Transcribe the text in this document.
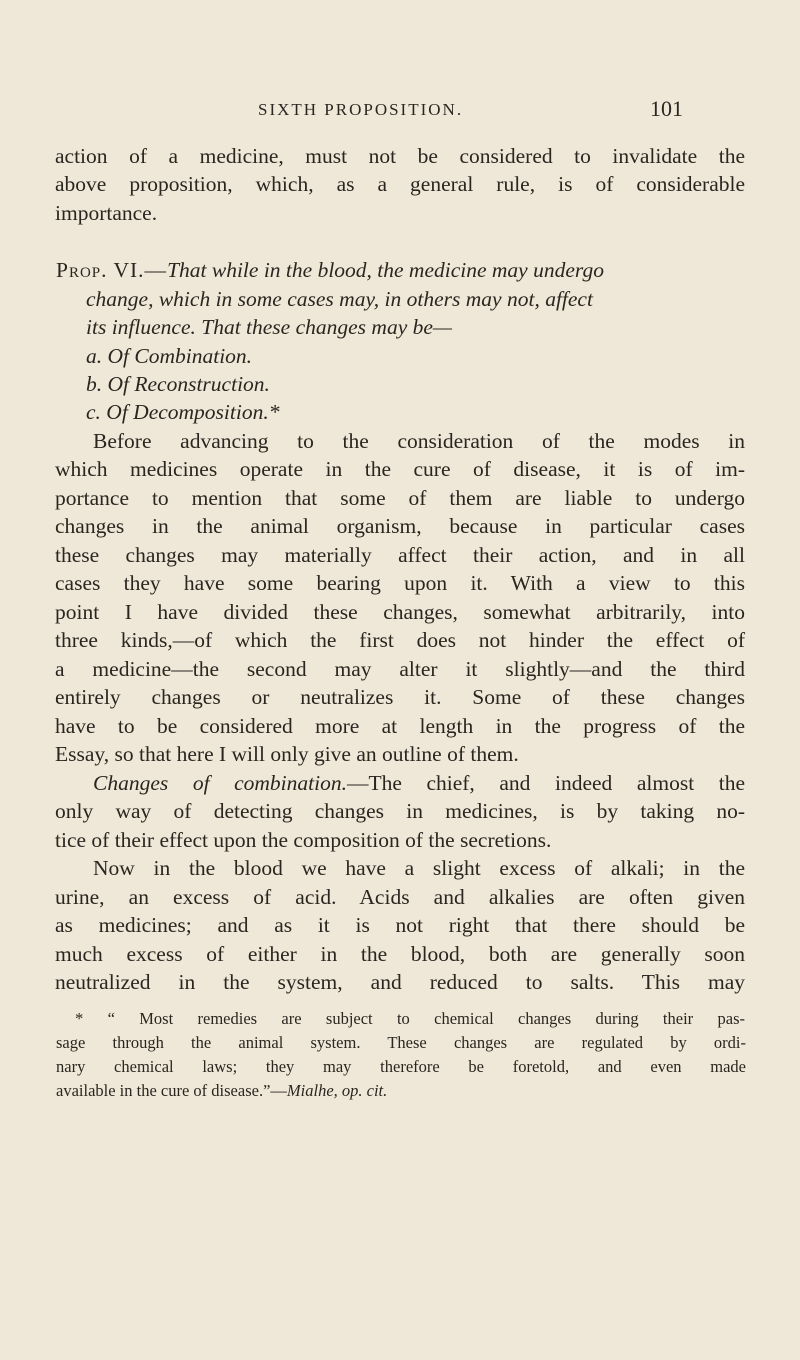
SIXTH PROPOSITION.	101
action of a medicine, must not be considered to invalidate the
above proposition, which, as a general rule, is of considerable
importance.
Prop. VI.—That while in the blood, the medicine may undergo
change, which in some cases may, in others may not, affect
its influence. That these changes may be—
a. Of Combination.
b. Of Reconstruction.
c. Of Decomposition.*
Before advancing to the consideration of the modes in
which medicines operate in the cure of disease, it is of im-
portance to mention that some of them are liable to undergo
changes in the animal organism, because in particular cases
these changes may materially affect their action, and in all
cases they have some bearing upon it. With a view to this
point I have divided these changes, somewhat arbitrarily, into
three kinds,—of which the first does not hinder the effect of
a medicine—the second may alter it slightly—and the third
entirely changes or neutralizes it. Some of these changes
have to be considered more at length in the progress of the
Essay, so that here I will only give an outline of them.
Changes of combination.—The chief, and indeed almost the
only way of detecting changes in medicines, is by taking no-
tice of their effect upon the composition of the secretions.
Now in the blood we have a slight excess of alkali; in the
urine, an excess of acid. Acids and alkalies are often given
as medicines; and as it is not right that there should be
much excess of either in the blood, both are generally soon
neutralized in the system, and reduced to salts. This may
* “ Most remedies are subject to chemical changes during their pas-
sage through the animal system. These changes are regulated by ordi-
nary chemical laws; they may therefore be foretold, and even made
available in the cure of disease.”—Mialhe, op. cit.
